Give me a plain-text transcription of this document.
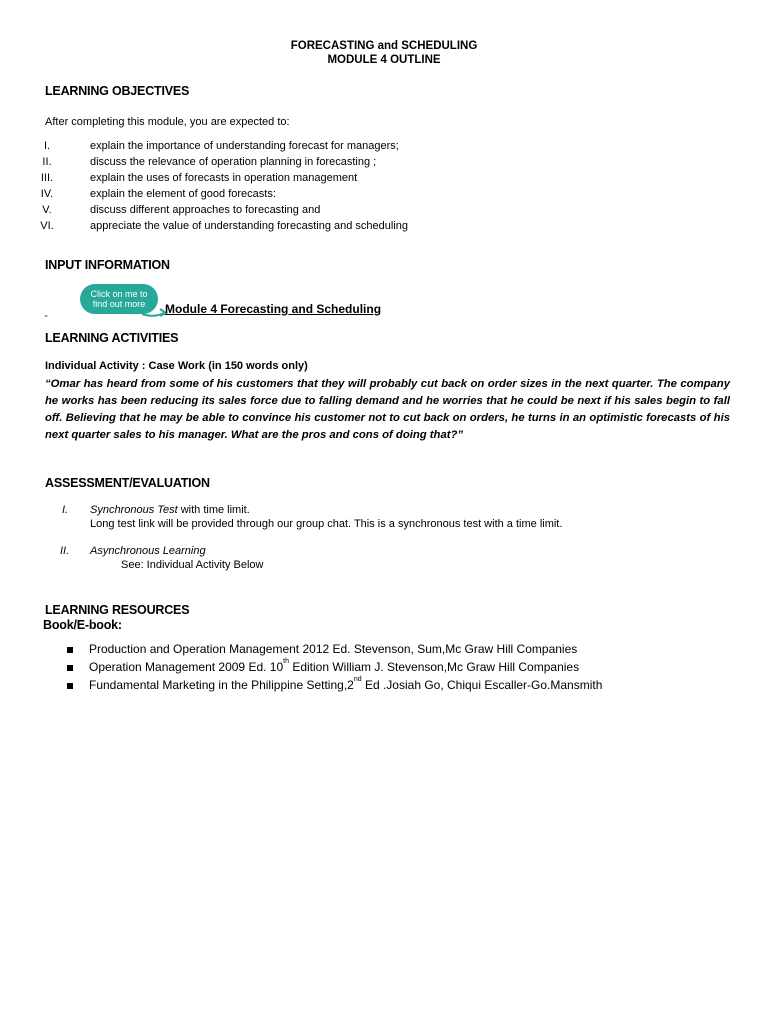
FORECASTING and SCHEDULING
MODULE 4 OUTLINE
LEARNING OBJECTIVES
After completing this module, you are expected to:
I.	explain the importance of understanding forecast for managers;
II.	discuss the relevance of operation planning in forecasting ;
III.	explain the uses of forecasts in operation management
IV.	explain the element of good forecasts:
V.	discuss different approaches to forecasting and
VI.	appreciate the value of understanding forecasting and scheduling
INPUT INFORMATION
Click on me to
find out more	Module 4 Forecasting and Scheduling
“
LEARNING ACTIVITIES
Individual Activity : Case Work (in 150 words only)
“Omar has heard from some of his customers that they will probably cut back on order sizes in the next quarter. The company he works has been reducing its sales force due to falling demand and he worries that he could be next if his sales begin to fall off. Believing that he may be able to convince his customer not to cut back on orders, he turns in an optimistic forecasts of his next quarter sales to his manager. What are the pros and cons of doing that?”
ASSESSMENT/EVALUATION
I. Synchronous Test with time limit.
Long test link will be provided through our group chat. This is a synchronous test with a time limit.
II. Asynchronous Learning
See: Individual Activity Below
LEARNING RESOURCES
Book/E-book:
Production and Operation Management 2012 Ed. Stevenson, Sum,Mc Graw Hill Companies
Operation Management 2009 Ed. 10th Edition William J. Stevenson,Mc Graw Hill Companies
Fundamental Marketing in the Philippine Setting,2nd Ed .Josiah Go, Chiqui Escaller-Go.Mansmith
